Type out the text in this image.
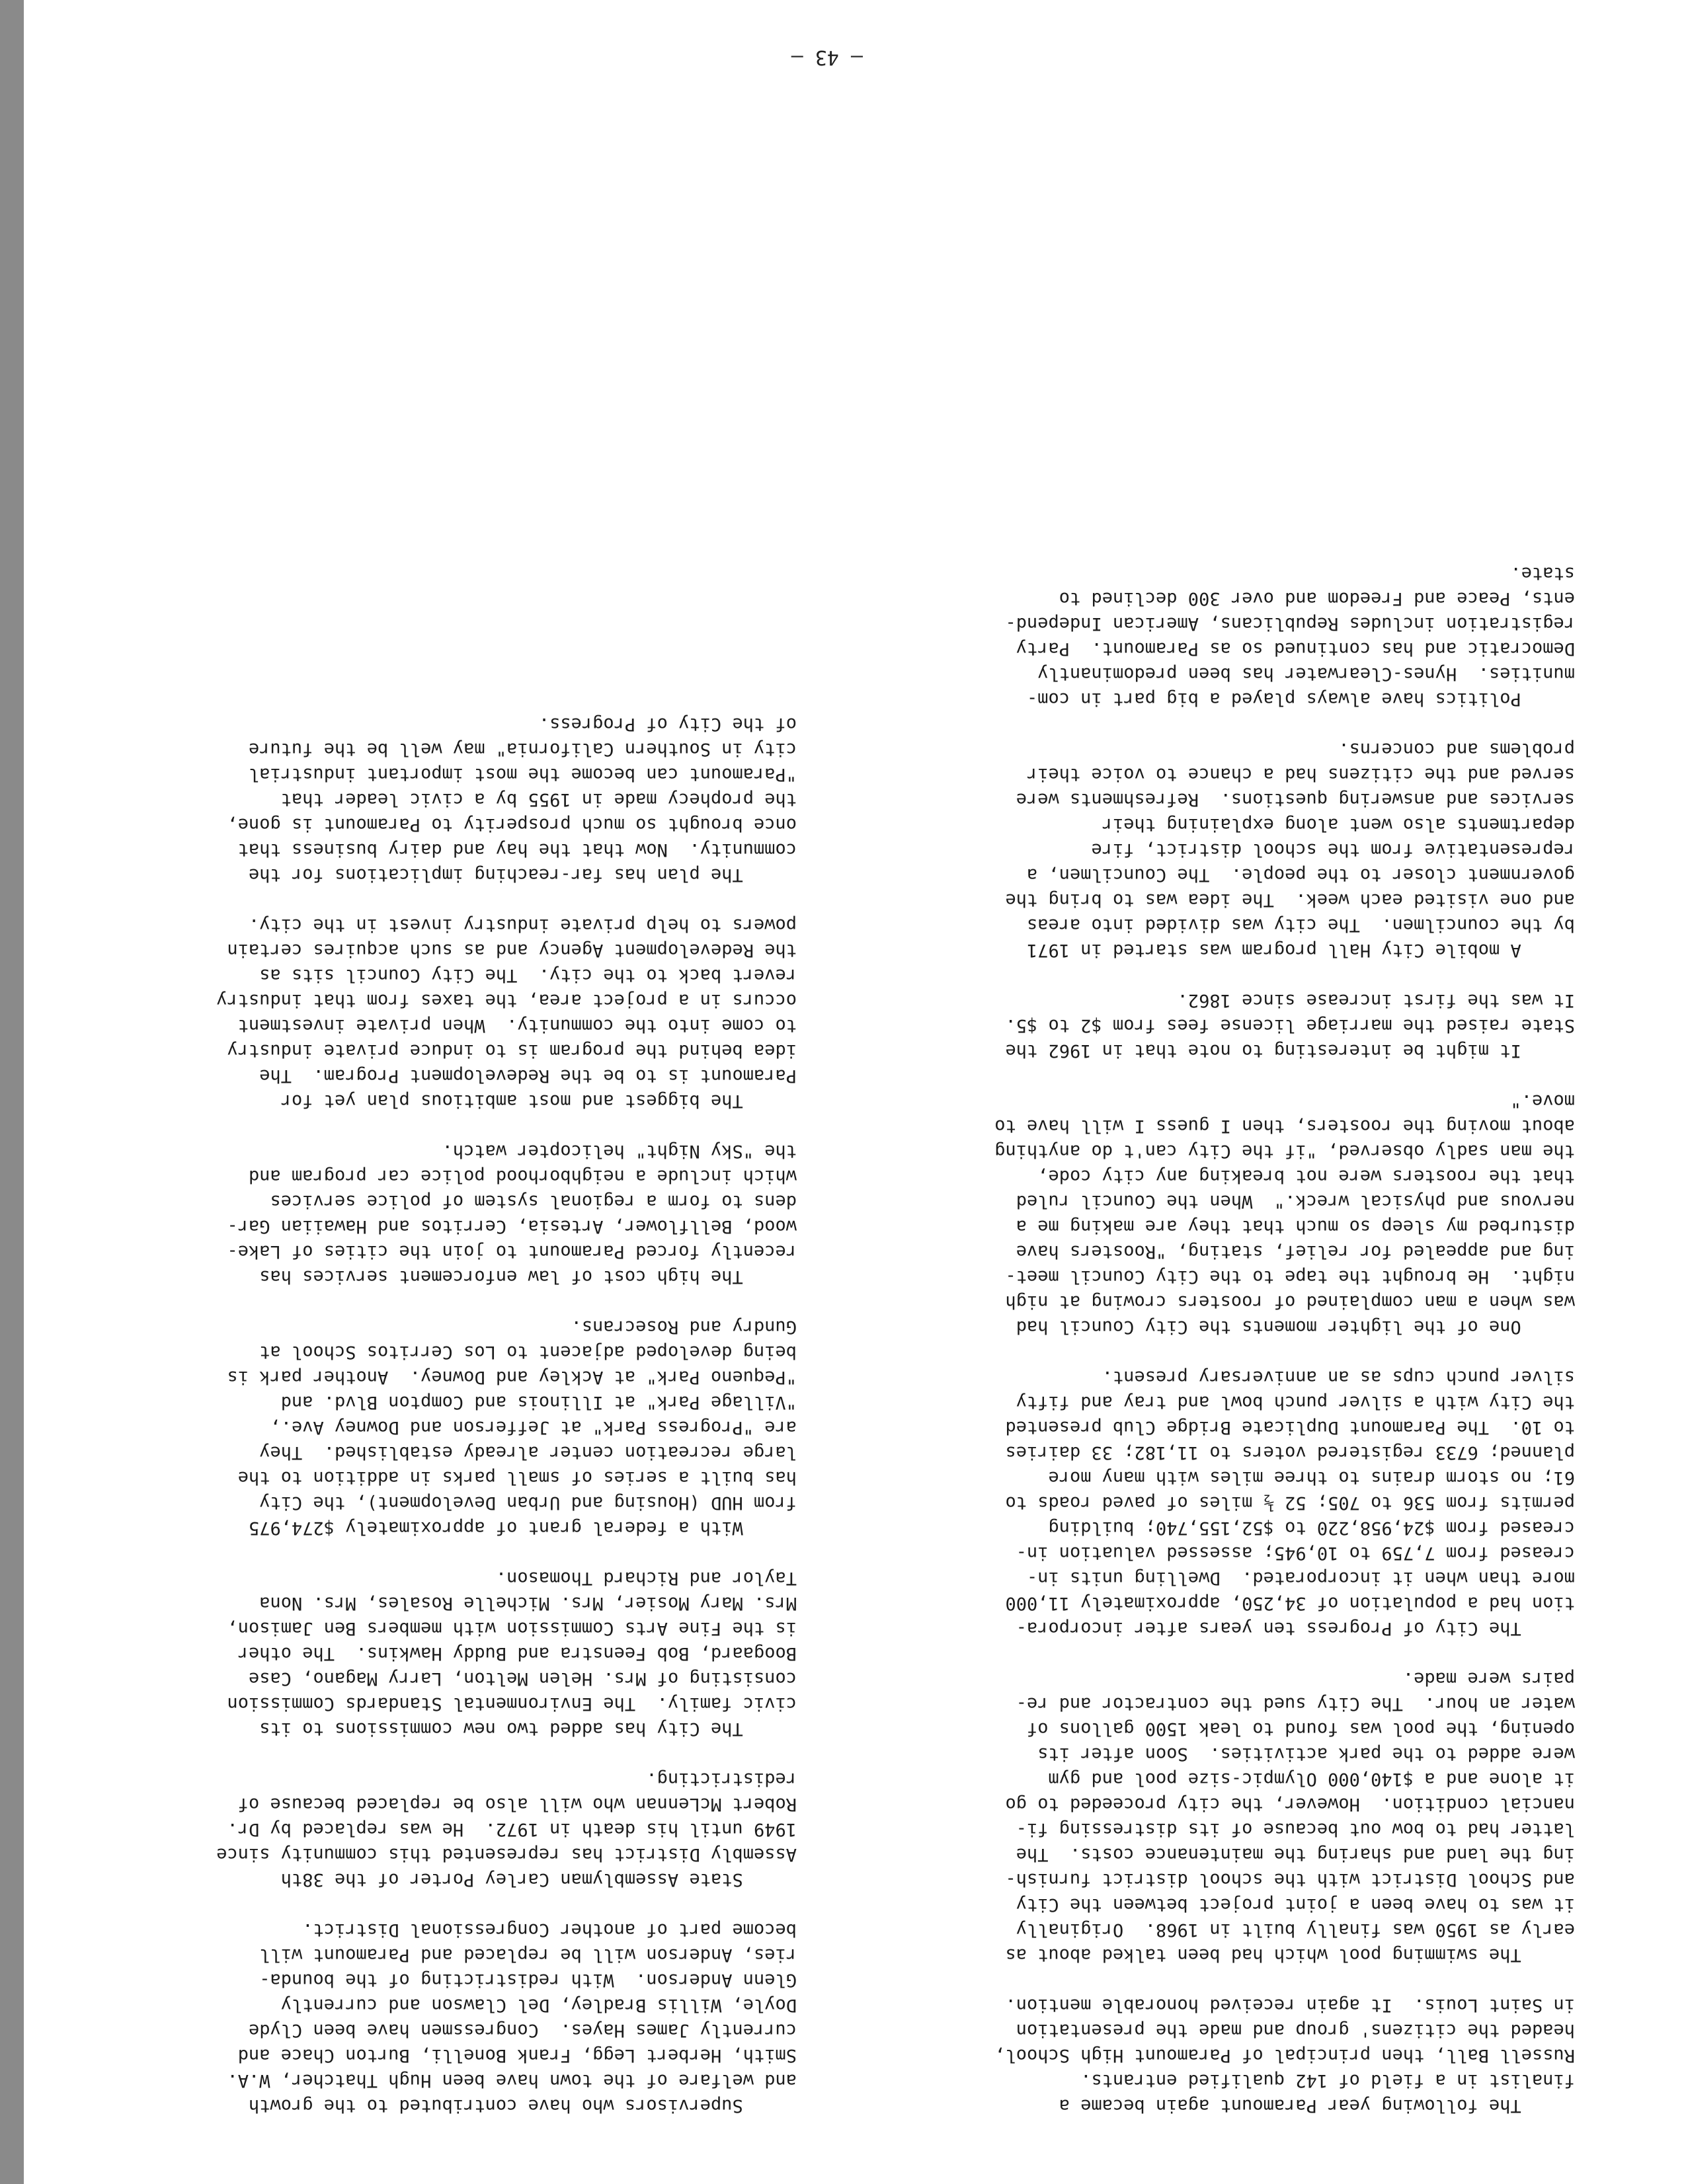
The following year Paramount again became a
finalist in a field of 142 qualified entrants.
Russell Ball, then principal of Paramount High School,
headed the citizens' group and made the presentation
in Saint Louis.  It again received honorable mention.

The swimming pool which had been talked about as
early as 1950 was finally built in 1968.  Originally
it was to have been a joint project between the City
and School District with the school district furnish-
ing the land and sharing the maintenance costs.  The
latter had to bow out because of its distressing fi-
nancial condition.  However, the city proceeded to go
it alone and a $140,000 Olympic-size pool and gym
were added to the park activities.  Soon after its
opening, the pool was found to leak 1500 gallons of
water an hour.  The City sued the contractor and re-
pairs were made.

The City of Progress ten years after incorpora-
tion had a population of 34,250, approximately 11,000
more than when it incorporated.  Dwelling units in-
creased from 7,759 to 10,945; assessed valuation in-
creased from $24,958,220 to $52,155,740; building
permits from 536 to 705; 52 ½ miles of paved roads to
61; no storm drains to three miles with many more
planned; 6733 registered voters to 11,182; 33 dairies
to 10.  The Paramount Duplicate Bridge Club presented
the City with a silver punch bowl and tray and fifty
silver punch cups as an anniversary present.

One of the lighter moments the City Council had
was when a man complained of roosters crowing at nigh
night.  He brought the tape to the City Council meet-
ing and appealed for relief, stating, "Roosters have
disturbed my sleep so much that they are making me a
nervous and physical wreck."  When the Council ruled
that the roosters were not breaking any city code,
the man sadly observed, "if the City can't do anything
about moving the roosters, then I guess I will have to
move."

It might be interesting to note that in 1962 the
State raised the marriage license fees from $2 to $5.
It was the first increase since 1862.

A mobile City Hall program was started in 1971
by the councilmen.  The city was divided into areas
and one visited each week.  The idea was to bring the
government closer to the people.  The Councilmen, a
representative from the school district, fire
departments also went along explaining their
services and answering questions.  Refreshments were
served and the citizens had a chance to voice their
problems and concerns.

Politics have always played a big part in com-
munities.  Hynes-Clearwater has been predominantly
Democratic and has continued so as Paramount.  Party
registration includes Republicans, American Independ-
ents, Peace and Freedom and over 300 declined to
state.

Supervisors who have contributed to the growth
and welfare of the town have been Hugh Thatcher, W.A.
Smith, Herbert Legg, Frank Bonelli, Burton Chace and
currently James Hayes.  Congressmen have been Clyde
Doyle, Willis Bradley, Del Clawson and currently
Glenn Anderson.  With redistricting of the bounda-
ries, Anderson will be replaced and Paramount will
become part of another Congressional District.

State Assemblyman Carley Porter of the 38th
Assembly District has represented this community since
1949 until his death in 1972.  He was replaced by Dr.
Robert McLennan who will also be replaced because of
redistricting.

The City has added two new commissions to its
civic family.  The Environmental Standards Commission
consisting of Mrs. Helen Melton, Larry Magano, Case
Boogaard, Bob Feenstra and Buddy Hawkins.  The other
is the Fine Arts Commission with members Ben Jamison,
Mrs. Mary Mosier, Mrs. Michelle Rosales, Mrs. Nona
Taylor and Richard Thomason.

With a federal grant of approximately $274,975
from HUD (Housing and Urban Development), the City
has built a series of small parks in addition to the
large recreation center already established.  They
are "Progress Park" at Jefferson and Downey Ave.,
"Village Park" at Illinois and Compton Blvd. and
"Pequeno Park" at Ackley and Downey.  Another park is
being developed adjacent to Los Cerritos School at
Gundry and Rosecrans.

The high cost of law enforcement services has
recently forced Paramount to join the cities of Lake-
wood, Bellflower, Artesia, Cerritos and Hawaiian Gar-
dens to form a regional system of police services
which include a neighborhood police car program and
the "Sky Night" helicopter watch.

The biggest and most ambitious plan yet for
Paramount is to be the Redevelopment Program.  The
idea behind the program is to induce private industry
to come into the community.  When private investment
occurs in a project area, the taxes from that industry
revert back to the city.  The City Council sits as
the Redevelopment Agency and as such acquires certain
powers to help private industry invest in the city.

The plan has far-reaching implications for the
community.  Now that the hay and dairy business that
once brought so much prosperity to Paramount is gone,
the prophecy made in 1955 by a civic leader that
"Paramount can become the most important industrial
city in Southern California" may well be the future
of the City of Progress.

— 43 —
